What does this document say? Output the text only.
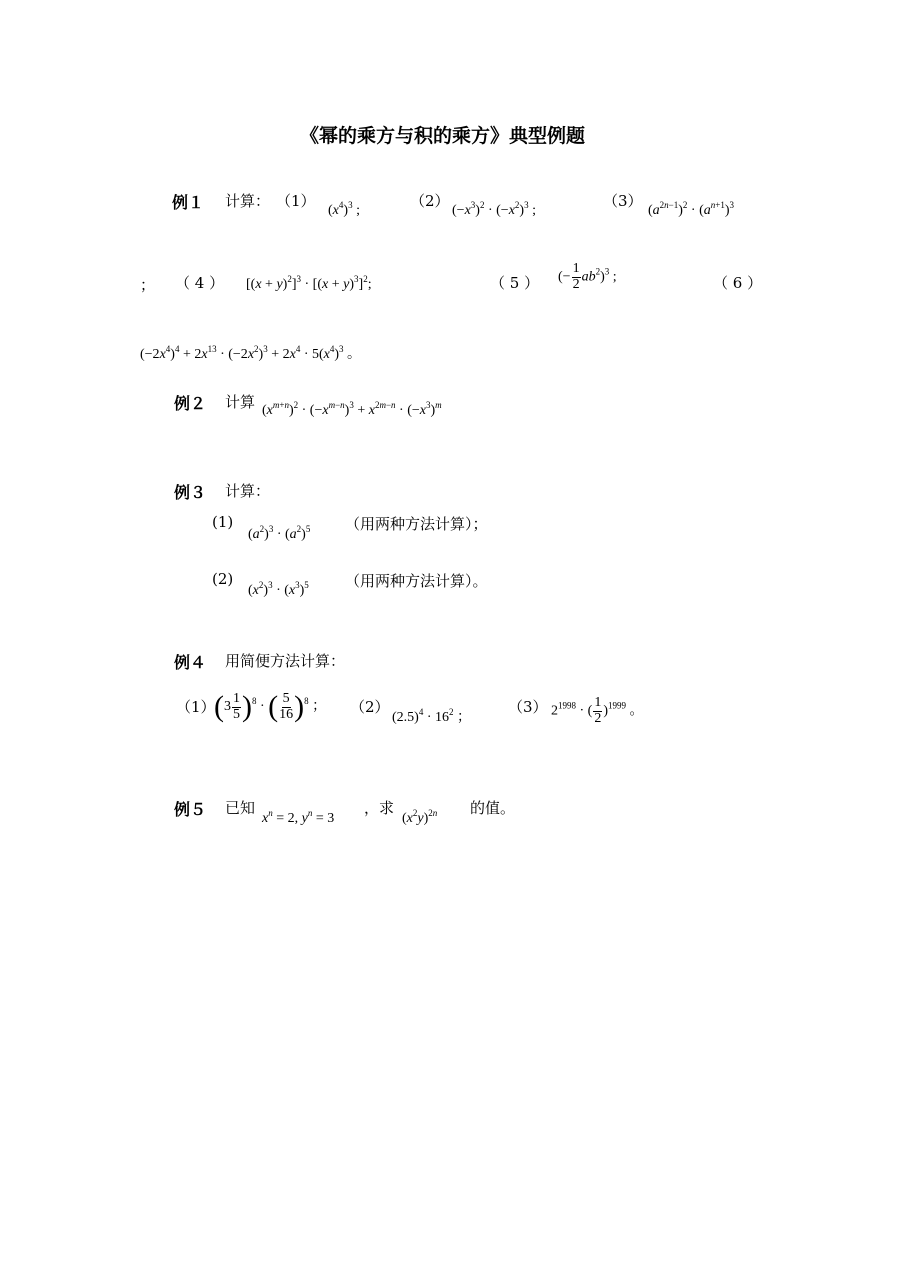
《幂的乘方与积的乘方》典型例题
例１ 计算： （1）
$(x^4)^3$ ;
（2）
$(-x^3)^2 \cdot (-x^2)^3$ ;
（3）
$(a^{2n-1})^2 \cdot (a^{n+1})^3$
； （ 4 ） $[(x + y)^2]^3 \cdot [(x + y)^3]^2$;	（ 5 ） (− $\frac{1}{2} ab^2)^3$ ;	（ 6 ）
$(-2x^4)^4 + 2x^{13} \cdot (-2x^2)^3 + 2x^4 \cdot 5(x^4)^3$ 。
例２ 计算 $(x^{m+n})^2 \cdot (-x^{m-n})^3 + x^{2m-n} \cdot (-x^3)^m$
例３ 计算：
(1)
$(a^2)^3 \cdot (a^2)^5$ （用两种方法计算）；
(2)
$(x^2)^3 \cdot (x^3)^5$ （用两种方法计算）。
例４ 用简便方法计算：
（1）
$(3 \frac{1}{5} )^8$ · ( $\frac{5}{16} )^8$ ； （2）
$(2.5)^4 \cdot 16^2$ ；
（3） $2^{1998}$ · ( $\frac{1}{2} )^{1999}$ 。
例５ 已知
$x^n = 2$, $y^n = 3$
，求
$(x^2y)^{2n}$ 的值。
